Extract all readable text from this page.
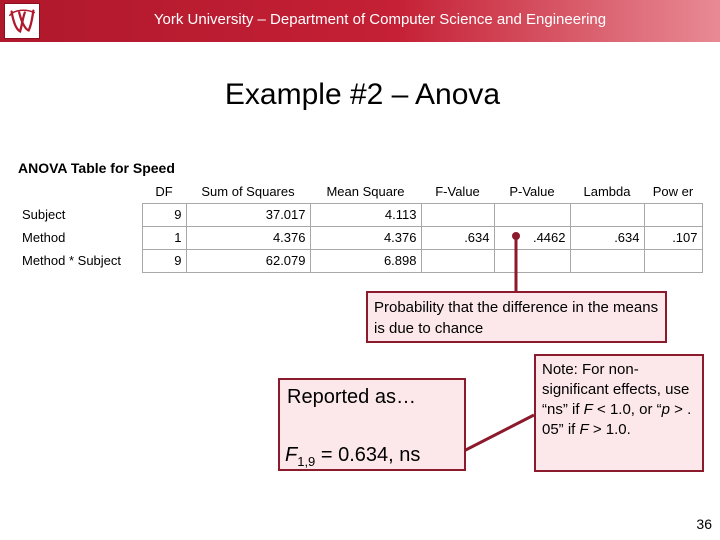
York University – Department of Computer Science and Engineering
Example #2 – Anova
ANOVA Table for Speed
	DF	Sum of Squares	Mean Square	F-Value	P-Value	Lambda	Pow er
Subject	9	37.017	4.113				
Method	1	4.376	4.376	.634	.4462	.634	.107
Method * Subject	9	62.079	6.898				
Probability that the difference in the means is due to chance
Reported as…
$F_{1,9} = 0.634$, ns
Note: For non-significant effects, use “ns” if F < 1.0, or “p > . 05” if F > 1.0.
36
